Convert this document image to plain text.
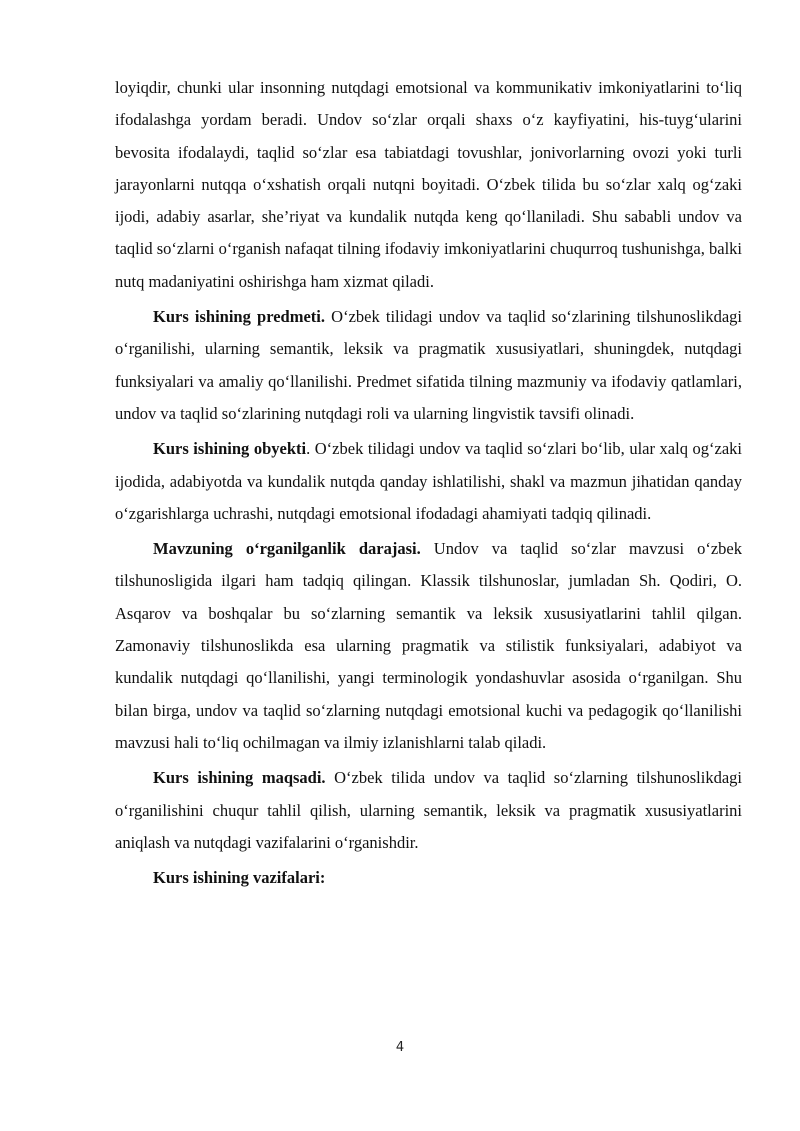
loyiqdir, chunki ular insonning nutqdagi emotsional va kommunikativ imkoniyatlarini to‘liq ifodalashga yordam beradi. Undov so‘zlar orqali shaxs o‘z kayfiyatini, his-tuyg‘ularini bevosita ifodalaydi, taqlid so‘zlar esa tabiatdagi tovushlar, jonivorlarning ovozi yoki turli jarayonlarni nutqqa o‘xshatish orqali nutqni boyitadi. O‘zbek tilida bu so‘zlar xalq og‘zaki ijodi, adabiy asarlar, she’riyat va kundalik nutqda keng qo‘llaniladi. Shu sababli undov va taqlid so‘zlarni o‘rganish nafaqat tilning ifodaviy imkoniyatlarini chuqurroq tushunishga, balki nutq madaniyatini oshirishga ham xizmat qiladi.

Kurs ishining predmeti. O‘zbek tilidagi undov va taqlid so‘zlarining tilshunoslikdagi o‘rganilishi, ularning semantik, leksik va pragmatik xususiyatlari, shuningdek, nutqdagi funksiyalari va amaliy qo‘llanilishi. Predmet sifatida tilning mazmuniy va ifodaviy qatlamlari, undov va taqlid so‘zlarining nutqdagi roli va ularning lingvistik tavsifi olinadi.

Kurs ishining obyekti. O‘zbek tilidagi undov va taqlid so‘zlari bo‘lib, ular xalq og‘zaki ijodida, adabiyotda va kundalik nutqda qanday ishlatilishi, shakl va mazmun jihatidan qanday o‘zgarishlarga uchrashi, nutqdagi emotsional ifodadagi ahamiyati tadqiq qilinadi.

Mavzuning o‘rganilganlik darajasi. Undov va taqlid so‘zlar mavzusi o‘zbek tilshunosligida ilgari ham tadqiq qilingan. Klassik tilshunoslar, jumladan Sh. Qodiri, O. Asqarov va boshqalar bu so‘zlarning semantik va leksik xususiyatlarini tahlil qilgan. Zamonaviy tilshunoslikda esa ularning pragmatik va stilistik funksiyalari, adabiyot va kundalik nutqdagi qo‘llanilishi, yangi terminologik yondashuvlar asosida o‘rganilgan. Shu bilan birga, undov va taqlid so‘zlarning nutqdagi emotsional kuchi va pedagogik qo‘llanilishi mavzusi hali to‘liq ochilmagan va ilmiy izlanishlarni talab qiladi.

Kurs ishining maqsadi. O‘zbek tilida undov va taqlid so‘zlarning tilshunoslikdagi o‘rganilishini chuqur tahlil qilish, ularning semantik, leksik va pragmatik xususiyatlarini aniqlash va nutqdagi vazifalarini o‘rganishdir.

Kurs ishining vazifalari:

4
